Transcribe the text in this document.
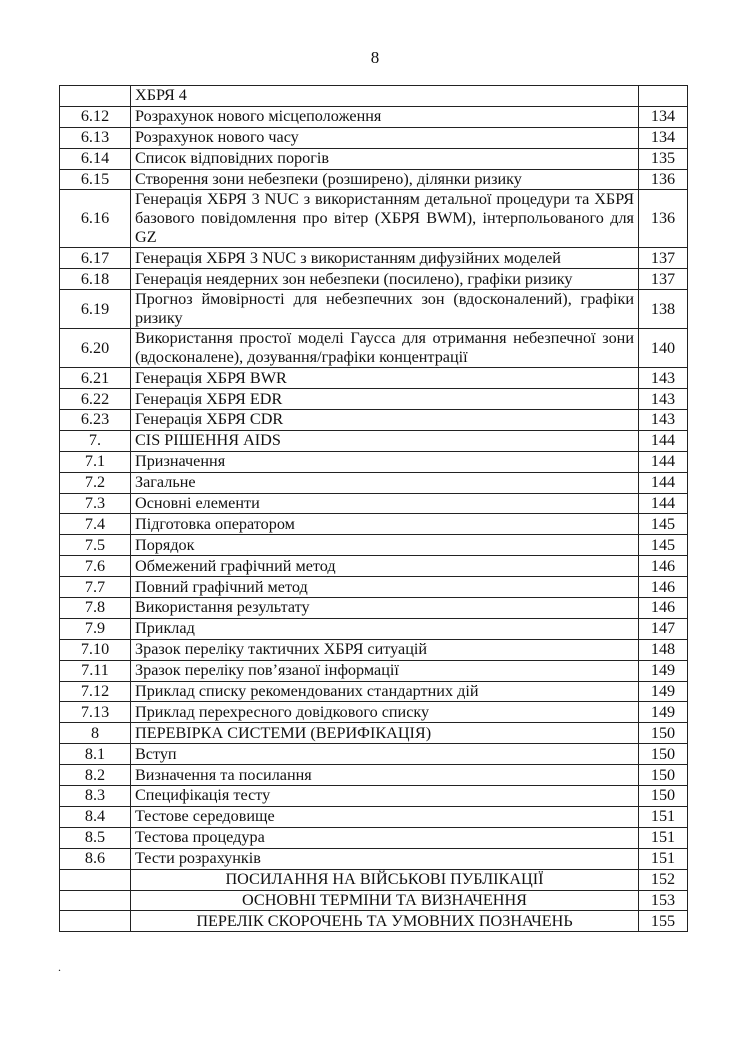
8
	ХБРЯ 4	
6.12	Розрахунок нового місцеположення	134
6.13	Розрахунок нового часу	134
6.14	Список відповідних порогів	135
6.15	Створення зони небезпеки (розширено), ділянки ризику	136
6.16	Генерація ХБРЯ 3 NUC з використанням детальної процедури та ХБРЯ базового повідомлення про вітер (ХБРЯ BWM), інтерпольованого для GZ	136
6.17	Генерація ХБРЯ 3 NUC з використанням дифузійних моделей	137
6.18	Генерація неядерних зон небезпеки (посилено), графіки ризику	137
6.19	Прогноз ймовірності для небезпечних зон (вдосконалений), графіки ризику	138
6.20	Використання простої моделі Гаусса для отримання небезпечної зони (вдосконалене), дозування/графіки концентрації	140
6.21	Генерація ХБРЯ BWR	143
6.22	Генерація ХБРЯ EDR	143
6.23	Генерація ХБРЯ CDR	143
7.	CIS РІШЕННЯ AIDS	144
7.1	Призначення	144
7.2	Загальне	144
7.3	Основні елементи	144
7.4	Підготовка оператором	145
7.5	Порядок	145
7.6	Обмежений графічний метод	146
7.7	Повний графічний метод	146
7.8	Використання результату	146
7.9	Приклад	147
7.10	Зразок переліку тактичних ХБРЯ ситуацій	148
7.11	Зразок переліку пов’язаної інформації	149
7.12	Приклад списку рекомендованих стандартних дій	149
7.13	Приклад перехресного довідкового списку	149
8	ПЕРЕВІРКА СИСТЕМИ (ВЕРИФІКАЦІЯ)	150
8.1	Вступ	150
8.2	Визначення та посилання	150
8.3	Специфікація тесту	150
8.4	Тестове середовище	151
8.5	Тестова процедура	151
8.6	Тести розрахунків	151
	ПОСИЛАННЯ НА ВІЙСЬКОВІ ПУБЛІКАЦІЇ	152
	ОСНОВНІ ТЕРМІНИ ТА ВИЗНАЧЕННЯ	153
	ПЕРЕЛІК СКОРОЧЕНЬ ТА УМОВНИХ ПОЗНАЧЕНЬ	155
.
